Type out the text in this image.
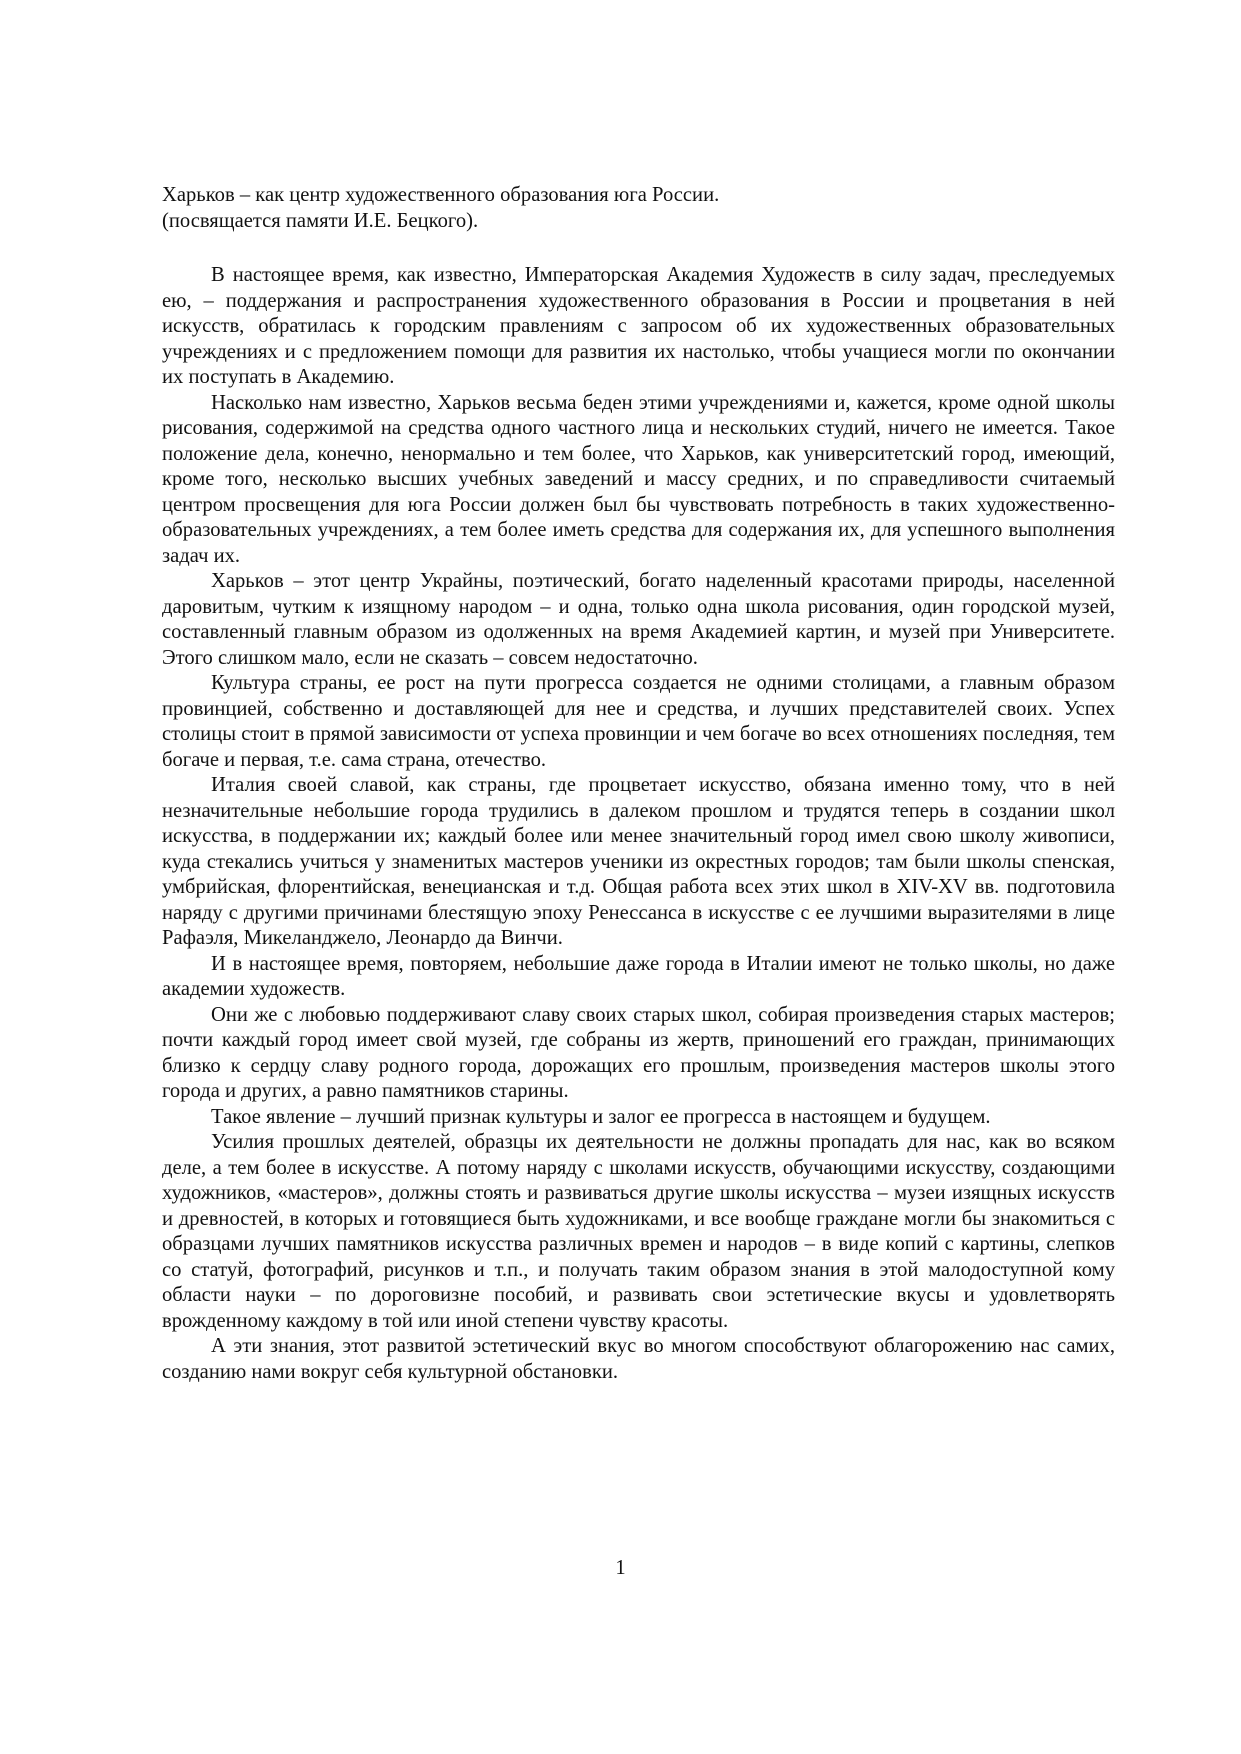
Харьков – как центр художественного образования юга России.
(посвящается памяти И.Е. Бецкого).

В настоящее время, как известно, Императорская Академия Художеств в силу задач, преследуемых ею, – поддержания и распространения художественного образования в России и процветания в ней искусств, обратилась к городским правлениям с запросом об их художественных образовательных учреждениях и с предложением помощи для развития их настолько, чтобы учащиеся могли по окончании их поступать в Академию.

Насколько нам известно, Харьков весьма беден этими учреждениями и, кажется, кроме одной школы рисования, содержимой на средства одного частного лица и нескольких студий, ничего не имеется. Такое положение дела, конечно, ненормально и тем более, что Харьков, как университетский город, имеющий, кроме того, несколько высших учебных заведений и массу средних, и по справедливости считаемый центром просвещения для юга России должен был бы чувствовать потребность в таких художественно-образовательных учреждениях, а тем более иметь средства для содержания их, для успешного выполнения задач их.

Харьков – этот центр Украйны, поэтический, богато наделенный красотами природы, населенной даровитым, чутким к изящному народом – и одна, только одна школа рисования, один городской музей, составленный главным образом из одолженных на время Академией картин, и музей при Университете. Этого слишком мало, если не сказать – совсем недостаточно.

Культура страны, ее рост на пути прогресса создается не одними столицами, а главным образом провинцией, собственно и доставляющей для нее и средства, и лучших представителей своих. Успех столицы стоит в прямой зависимости от успеха провинции и чем богаче во всех отношениях последняя, тем богаче и первая, т.е. сама страна, отечество.

Италия своей славой, как страны, где процветает искусство, обязана именно тому, что в ней незначительные небольшие города трудились в далеком прошлом и трудятся теперь в создании школ искусства, в поддержании их; каждый более или менее значительный город имел свою школу живописи, куда стекались учиться у знаменитых мастеров ученики из окрестных городов; там были школы спенская, умбрийская, флорентийская, венецианская и т.д. Общая работа всех этих школ в XIV-XV вв. подготовила наряду с другими причинами блестящую эпоху Ренессанса в искусстве с ее лучшими выразителями в лице Рафаэля, Микеланджело, Леонардо да Винчи.

И в настоящее время, повторяем, небольшие даже города в Италии имеют не только школы, но даже академии художеств.

Они же с любовью поддерживают славу своих старых школ, собирая произведения старых мастеров; почти каждый город имеет свой музей, где собраны из жертв, приношений его граждан, принимающих близко к сердцу славу родного города, дорожащих его прошлым, произведения мастеров школы этого города и других, а равно памятников старины.

Такое явление – лучший признак культуры и залог ее прогресса в настоящем и будущем.

Усилия прошлых деятелей, образцы их деятельности не должны пропадать для нас, как во всяком деле, а тем более в искусстве. А потому наряду с школами искусств, обучающими искусству, создающими художников, «мастеров», должны стоять и развиваться другие школы искусства – музеи изящных искусств и древностей, в которых и готовящиеся быть художниками, и все вообще граждане могли бы знакомиться с образцами лучших памятников искусства различных времен и народов – в виде копий с картины, слепков со статуй, фотографий, рисунков и т.п., и получать таким образом знания в этой малодоступной кому области науки – по дороговизне пособий, и развивать свои эстетические вкусы и удовлетворять врожденному каждому в той или иной степени чувству красоты.

А эти знания, этот развитой эстетический вкус во многом способствуют облагорожению нас самих, созданию нами вокруг себя культурной обстановки.

1
